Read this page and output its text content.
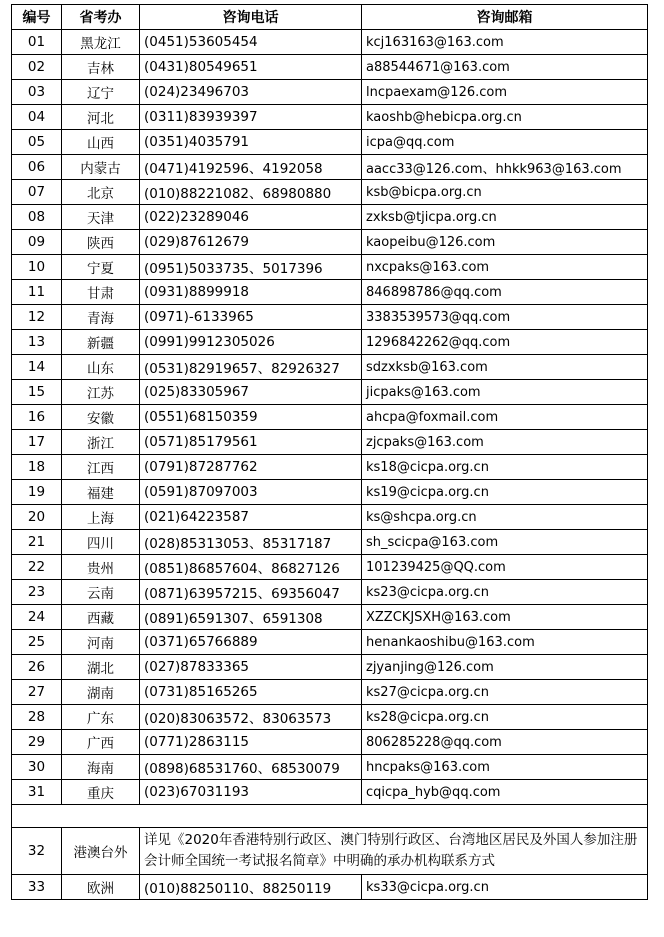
编号	省考办	咨询电话	咨询邮箱
01	黑龙江	(0451)53605454	kcj163163@163.com
02	吉林	(0431)80549651	a88544671@163.com
03	辽宁	(024)23496703	lncpaexam@126.com
04	河北	(0311)83939397	kaoshb@hebicpa.org.cn
05	山西	(0351)4035791	icpa@qq.com
06	内蒙古	(0471)4192596、4192058	aacc33@126.com、hhkk963@163.com
07	北京	(010)88221082、68980880	ksb@bicpa.org.cn
08	天津	(022)23289046	zxksb@tjicpa.org.cn
09	陕西	(029)87612679	kaopeibu@126.com
10	宁夏	(0951)5033735、5017396	nxcpaks@163.com
11	甘肃	(0931)8899918	846898786@qq.com
12	青海	(0971)-6133965	3383539573@qq.com
13	新疆	(0991)9912305026	1296842262@qq.com
14	山东	(0531)82919657、82926327	sdzxksb@163.com
15	江苏	(025)83305967	jicpaks@163.com
16	安徽	(0551)68150359	ahcpa@foxmail.com
17	浙江	(0571)85179561	zjcpaks@163.com
18	江西	(0791)87287762	ks18@cicpa.org.cn
19	福建	(0591)87097003	ks19@cicpa.org.cn
20	上海	(021)64223587	ks@shcpa.org.cn
21	四川	(028)85313053、85317187	sh_scicpa@163.com
22	贵州	(0851)86857604、86827126	101239425@QQ.com
23	云南	(0871)63957215、69356047	ks23@cicpa.org.cn
24	西藏	(0891)6591307、6591308	XZZCKJSXH@163.com
25	河南	(0371)65766889	henankaoshibu@163.com
26	湖北	(027)87833365	zjyanjing@126.com
27	湖南	(0731)85165265	ks27@cicpa.org.cn
28	广东	(020)83063572、83063573	ks28@cicpa.org.cn
29	广西	(0771)2863115	806285228@qq.com
30	海南	(0898)68531760、68530079	hncpaks@163.com
31	重庆	(023)67031193	cqicpa_hyb@qq.com

32	港澳台外	详见《2020年香港特别行政区、澳门特别行政区、台湾地区居民及外国人参加注册会计师全国统一考试报名简章》中明确的承办机构联系方式	
33	欧洲	(010)88250110、88250119	ks33@cicpa.org.cn
